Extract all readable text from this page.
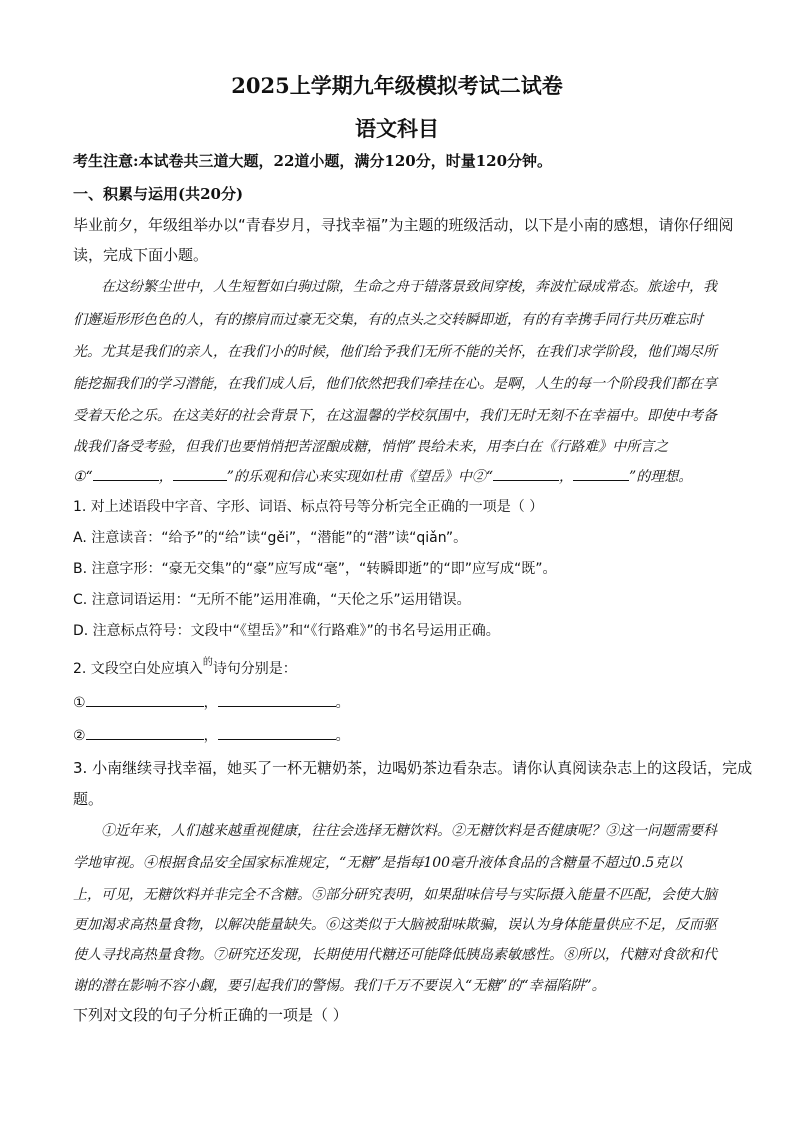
2025上学期九年级模拟考试二试卷
语文科目
考生注意:本试卷共三道大题，22道小题，满分120分，时量120分钟。
一、积累与运用(共20分)
毕业前夕，年级组举办以“青春岁月，寻找幸福”为主题的班级活动，以下是小南的感想，请你仔细阅
读，完成下面小题。
在这纷繁尘世中，人生短暂如白驹过隙，生命之舟于错落景致间穿梭，奔波忙碌成常态。旅途中，我
们邂逅形形色色的人，有的擦肩而过豪无交集，有的点头之交转瞬即逝，有的有幸携手同行共历难忘时
光。尤其是我们的亲人，在我们小的时候，他们给予我们无所不能的关怀，在我们求学阶段，他们竭尽所
能挖掘我们的学习潜能，在我们成人后，他们依然把我们牵挂在心。是啊，人生的每一个阶段我们都在享
受着天伦之乐。在这美好的社会背景下，在这温馨的学校氛围中，我们无时无刻不在幸福中。即使中考备
战我们备受考验，但我们也要悄悄把苦涩酿成糖，悄悄”畏给未来，用李白在《行路难》中所言之
①“	，	”的乐观和信心来实现如杜甫《望岳》中②“	，	”的理想。
1. 对上述语段中字音、字形、词语、标点符号等分析完全正确的一项是（ ）
A. 注意读音：“给予”的“给”读“gěi”，“潜能”的“潜”读“qiǎn”。
B. 注意字形：“豪无交集”的“豪”应写成“毫”，“转瞬即逝”的“即”应写成“既”。
C. 注意词语运用：“无所不能”运用准确，“天伦之乐”运用错误。
D. 注意标点符号：文段中“《望岳》”和“《行路难》”的书名号运用正确。
2. 文段空白处应填入$^的$诗句分别是：
①	，	。
②	，	。
3. 小南继续寻找幸福，她买了一杯无糖奶茶，边喝奶茶边看杂志。请你认真阅读杂志上的这段话，完成
题。
①近年来，人们越来越重视健康，往往会选择无糖饮料。②无糖饮料是否健康呢？③这一问题需要科
学地审视。④根据食品安全国家标准规定，“无糖”是指每100毫升液体食品的含糖量不超过0.5克以
上，可见，无糖饮料并非完全不含糖。⑤部分研究表明，如果甜味信号与实际摄入能量不匹配，会使大脑
更加渴求高热量食物，以解决能量缺失。⑥这类似于大脑被甜味欺骗，误认为身体能量供应不足，反而驱
使人寻找高热量食物。⑦研究还发现，长期使用代糖还可能降低胰岛素敏感性。⑧所以，代糖对食欲和代
谢的潜在影响不容小觑，要引起我们的警惕。我们千万不要误入“无糖”的“幸福陷阱”。
下列对文段的句子分析正确的一项是（ ）
